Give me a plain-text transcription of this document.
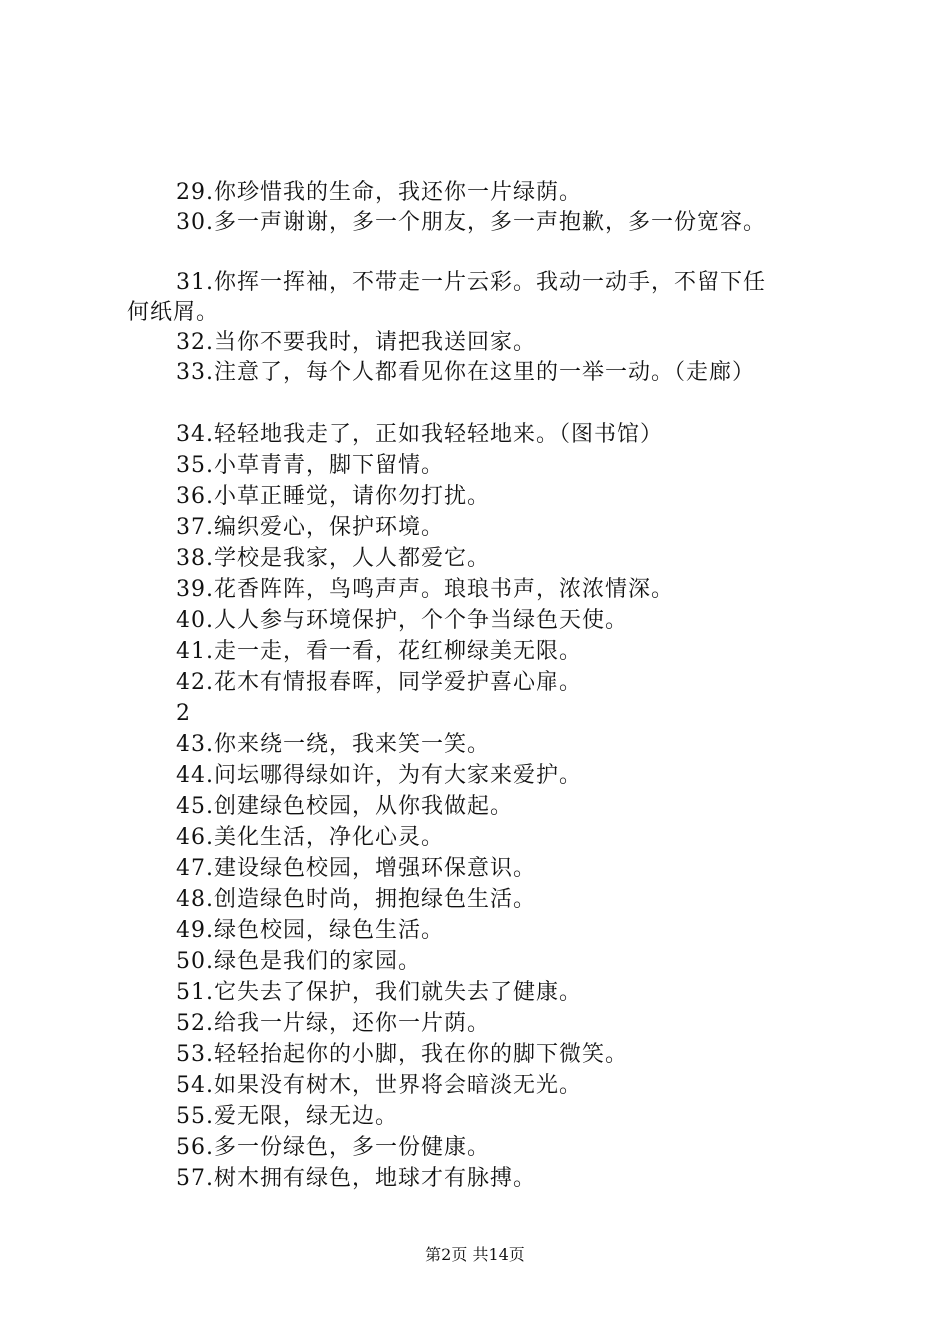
29.你珍惜我的生命，我还你一片绿荫。
30.多一声谢谢，多一个朋友，多一声抱歉，多一份宽容。
31.你挥一挥袖，不带走一片云彩。我动一动手，不留下任
何纸屑。
32.当你不要我时，请把我送回家。
33.注意了，每个人都看见你在这里的一举一动。（走廊）
34.轻轻地我走了，正如我轻轻地来。（图书馆）
35.小草青青，脚下留情。
36.小草正睡觉，请你勿打扰。
37.编织爱心，保护环境。
38.学校是我家，人人都爱它。
39.花香阵阵，鸟鸣声声。琅琅书声，浓浓情深。
40.人人参与环境保护，个个争当绿色天使。
41.走一走，看一看，花红柳绿美无限。
42.花木有情报春晖，同学爱护喜心扉。
2
43.你来绕一绕，我来笑一笑。
44.问坛哪得绿如许，为有大家来爱护。
45.创建绿色校园，从你我做起。
46.美化生活，净化心灵。
47.建设绿色校园，增强环保意识。
48.创造绿色时尚，拥抱绿色生活。
49.绿色校园，绿色生活。
50.绿色是我们的家园。
51.它失去了保护，我们就失去了健康。
52.给我一片绿，还你一片荫。
53.轻轻抬起你的小脚，我在你的脚下微笑。
54.如果没有树木，世界将会暗淡无光。
55.爱无限，绿无边。
56.多一份绿色，多一份健康。
57.树木拥有绿色，地球才有脉搏。
第2页 共14页
